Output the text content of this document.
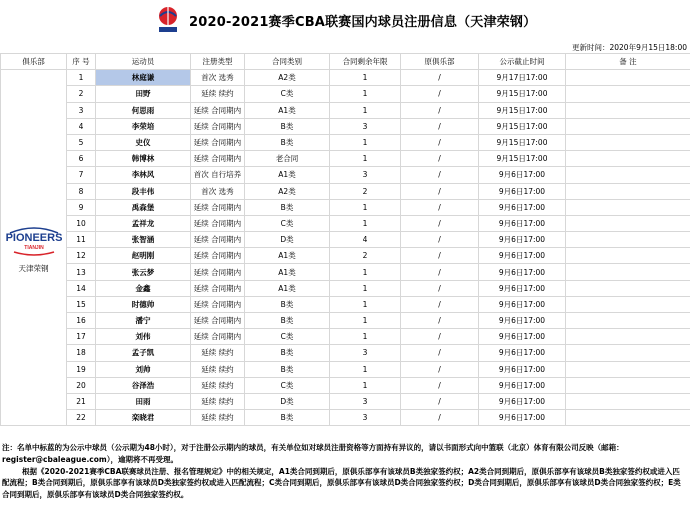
2020-2021赛季CBA联赛国内球员注册信息（天津荣钢）
更新时间：2020年9月15日18:00
俱乐部	序 号	运动员	注册类型	合同类别	合同剩余年限	原俱乐部	公示截止时间	备 注

PIONEERS
TIANJIN
天津荣钢	1	林庭谦	首次 选秀	A2类	1	/	9月17日17:00	
	2	田野	延续 续约	C类	1	/	9月15日17:00	
	3	何思雨	延续 合同期内	A1类	1	/	9月15日17:00	
	4	李荣培	延续 合同期内	B类	3	/	9月15日17:00	
	5	史仪	延续 合同期内	B类	1	/	9月15日17:00	
	6	韩博林	延续 合同期内	老合同	1	/	9月15日17:00	
	7	李林风	首次 自行培养	A1类	3	/	9月6日17:00	
	8	段丰伟	首次 选秀	A2类	2	/	9月6日17:00	
	9	禹森堡	延续 合同期内	B类	1	/	9月6日17:00	
	10	孟祥龙	延续 合同期内	C类	1	/	9月6日17:00	
	11	张智涵	延续 合同期内	D类	4	/	9月6日17:00	
	12	赵明刚	延续 合同期内	A1类	2	/	9月6日17:00	
	13	张云梦	延续 合同期内	A1类	1	/	9月6日17:00	
	14	金鑫	延续 合同期内	A1类	1	/	9月6日17:00	
	15	时德帅	延续 合同期内	B类	1	/	9月6日17:00	
	16	潘宁	延续 合同期内	B类	1	/	9月6日17:00	
	17	刘伟	延续 合同期内	C类	1	/	9月6日17:00	
	18	孟子凯	延续 续约	B类	3	/	9月6日17:00	
	19	刘帅	延续 续约	B类	1	/	9月6日17:00	
	20	谷泽浩	延续 续约	C类	1	/	9月6日17:00	
	21	田雨	延续 续约	D类	3	/	9月6日17:00	
	22	栾晓君	延续 续约	B类	3	/	9月6日17:00	

注：名单中标蓝的为公示中球员（公示期为48小时），对于注册公示期内的球员，有关单位如对球员注册资格等方面持有异议的，请以书面形式向中篮联（北京）体育有限公司反映（邮箱：register@cbaleague.com），逾期将不再受理。

根据《2020-2021赛季CBA联赛球员注册、报名管理规定》中的相关规定，A1类合同到期后，原俱乐部享有该球员B类独家签约权；A2类合同到期后，原俱乐部享有该球员B类独家签约权或进入匹配流程；B类合同到期后，原俱乐部享有该球员D类独家签约权或进入匹配流程；C类合同到期后，原俱乐部享有该球员D类合同独家签约权；D类合同到期后，原俱乐部享有该球员D类合同独家签约权；E类合同到期后，原俱乐部享有该球员D类合同独家签约权。
